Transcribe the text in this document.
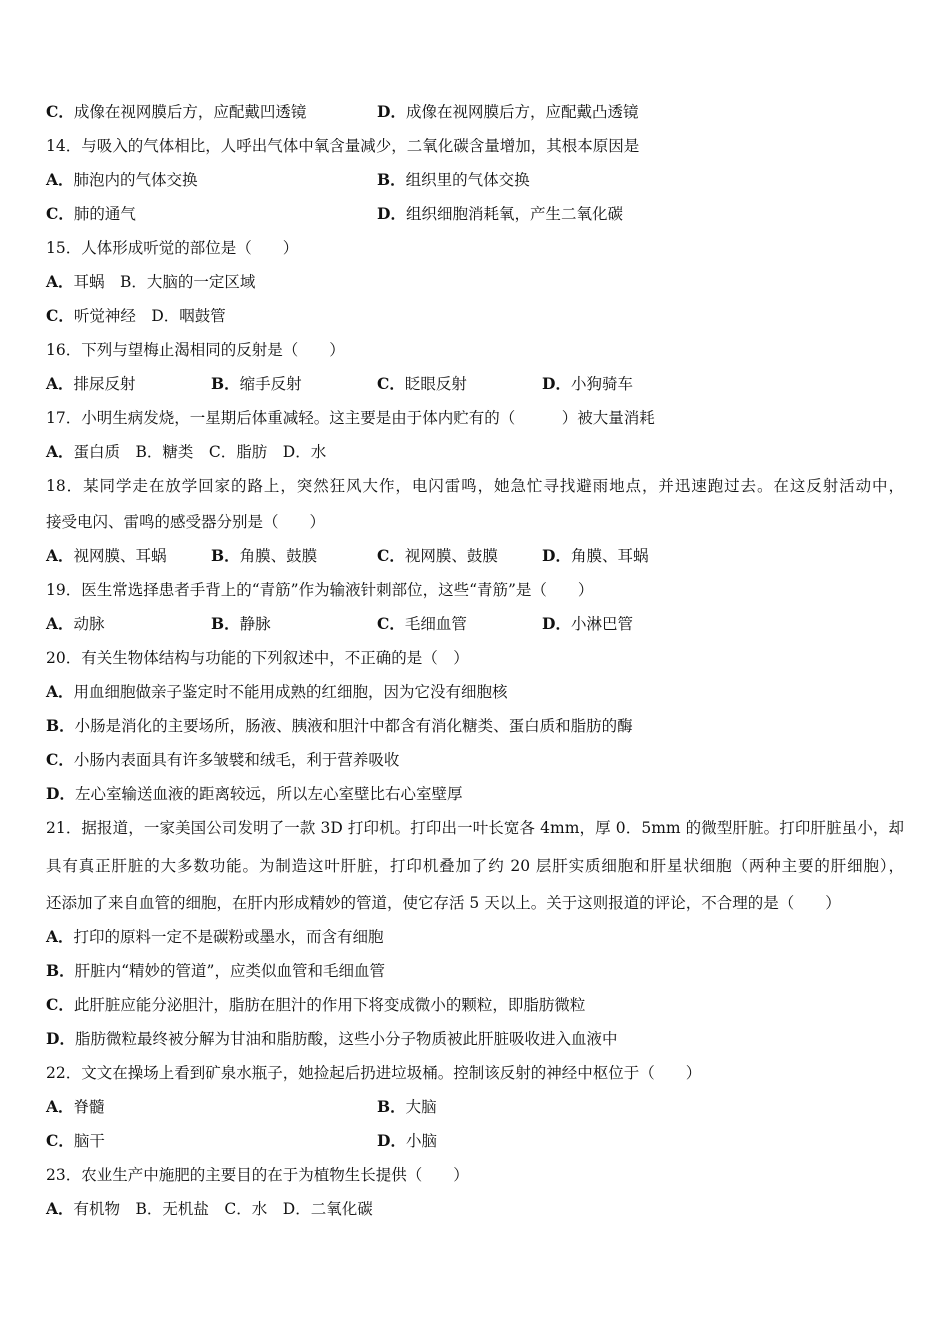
C．成像在视网膜后方，应配戴凹透镜	D．成像在视网膜后方，应配戴凸透镜
14．与吸入的气体相比，人呼出气体中氧含量减少，二氧化碳含量增加，其根本原因是
A．肺泡内的气体交换	B．组织里的气体交换
C．肺的通气	D．组织细胞消耗氧，产生二氧化碳
15．人体形成听觉的部位是（　　）
A．耳蜗　B．大脑的一定区域
C．听觉神经　D．咽鼓管
16．下列与望梅止渴相同的反射是（　　）
A．排尿反射	B．缩手反射	C．眨眼反射	D．小狗骑车
17．小明生病发烧，一星期后体重减轻。这主要是由于体内贮有的（　　　）被大量消耗
A．蛋白质　B．糖类　C．脂肪　D．水
18．某同学走在放学回家的路上，突然狂风大作，电闪雷鸣，她急忙寻找避雨地点，并迅速跑过去。在这反射活动中，
接受电闪、雷鸣的感受器分别是（　　）
A．视网膜、耳蜗	B．角膜、鼓膜	C．视网膜、鼓膜	D．角膜、耳蜗
19．医生常选择患者手背上的“青筋”作为输液针刺部位，这些“青筋”是（　　）
A．动脉	B．静脉	C．毛细血管	D．小淋巴管
20．有关生物体结构与功能的下列叙述中，不正确的是（　）
A．用血细胞做亲子鉴定时不能用成熟的红细胞，因为它没有细胞核
B．小肠是消化的主要场所，肠液、胰液和胆汁中都含有消化糖类、蛋白质和脂肪的酶
C．小肠内表面具有许多皱襞和绒毛，利于营养吸收
D．左心室输送血液的距离较远，所以左心室壁比右心室壁厚
21．据报道，一家美国公司发明了一款 3D 打印机。打印出一叶长宽各 4mm，厚 0．5mm 的微型肝脏。打印肝脏虽小，却
具有真正肝脏的大多数功能。为制造这叶肝脏，打印机叠加了约 20 层肝实质细胞和肝星状细胞（两种主要的肝细胞），
还添加了来自血管的细胞，在肝内形成精妙的管道，使它存活 5 天以上。关于这则报道的评论，不合理的是（　　）
A．打印的原料一定不是碳粉或墨水，而含有细胞
B．肝脏内“精妙的管道”，应类似血管和毛细血管
C．此肝脏应能分泌胆汁，脂肪在胆汁的作用下将变成微小的颗粒，即脂肪微粒
D．脂肪微粒最终被分解为甘油和脂肪酸，这些小分子物质被此肝脏吸收进入血液中
22．文文在操场上看到矿泉水瓶子，她捡起后扔进垃圾桶。控制该反射的神经中枢位于（　　）
A．脊髓	B．大脑
C．脑干	D．小脑
23．农业生产中施肥的主要目的在于为植物生长提供（　　）
A．有机物　B．无机盐　C．水　D．二氧化碳
